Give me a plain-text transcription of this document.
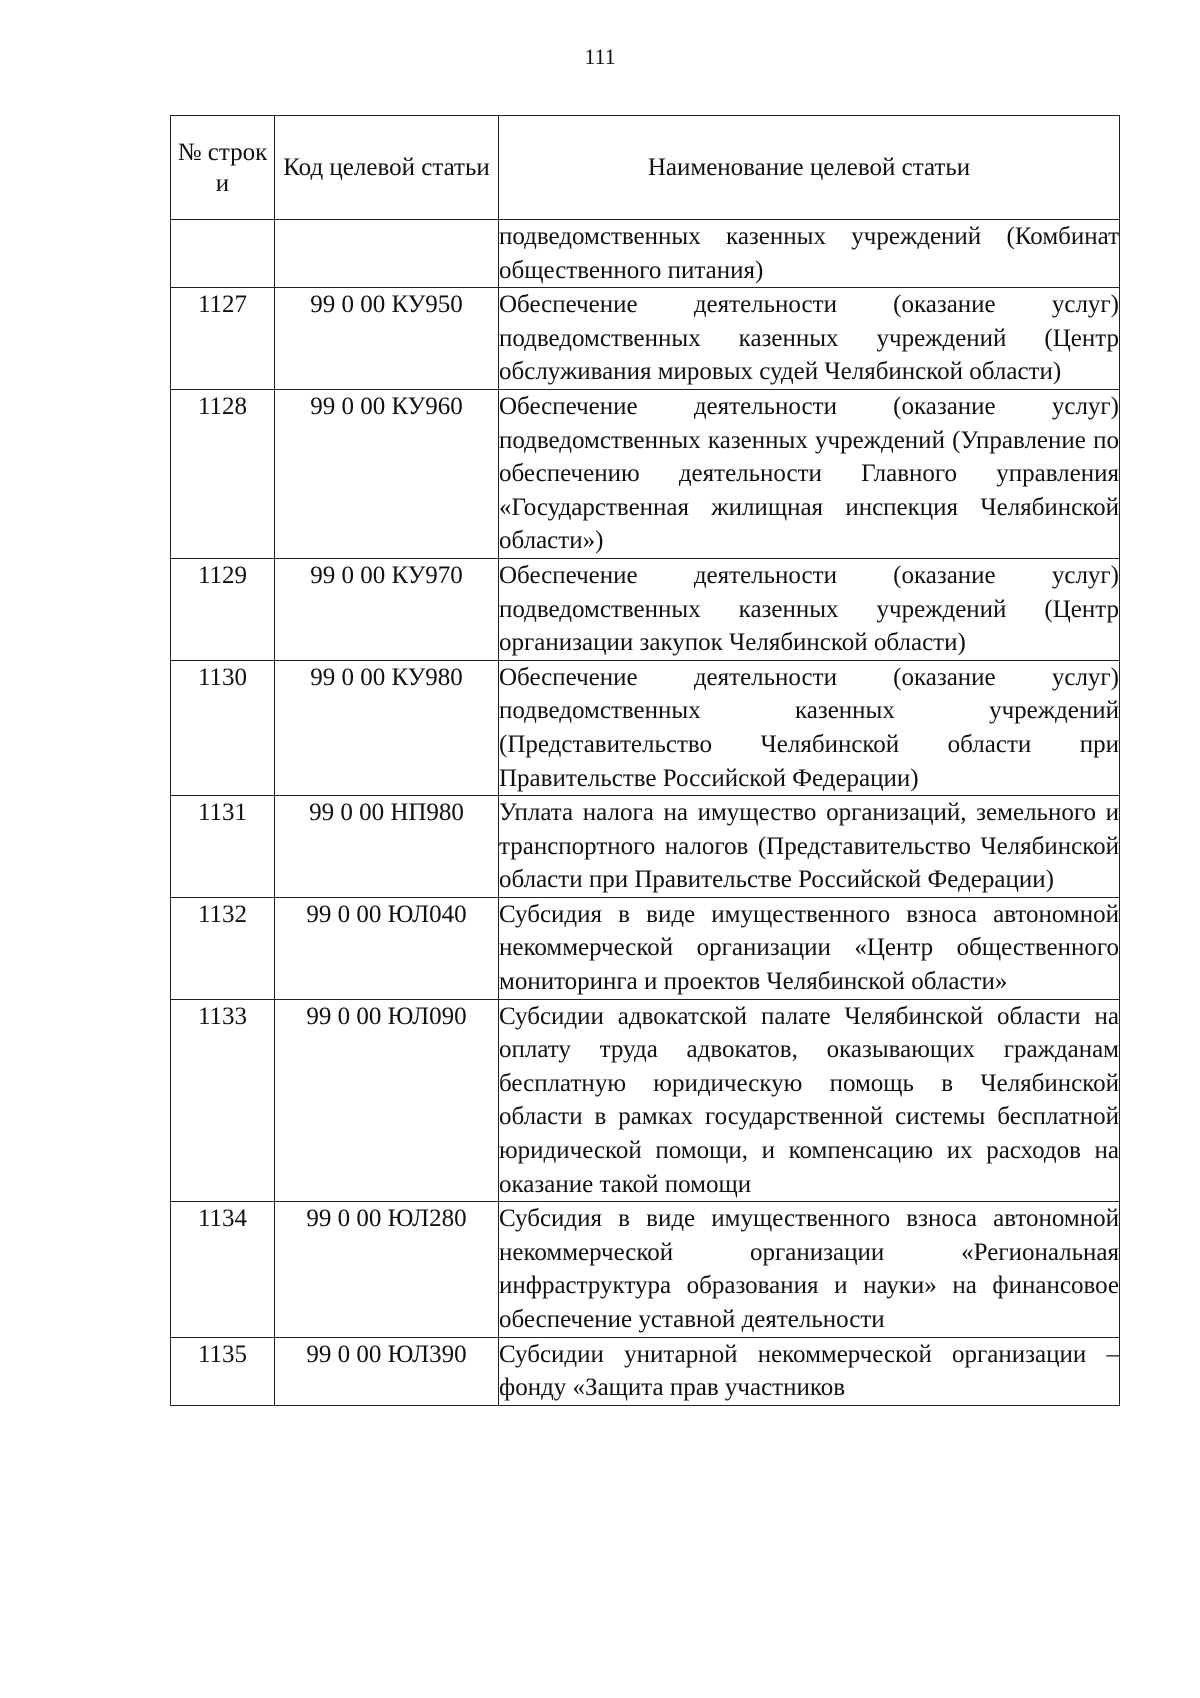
111
№ строк и	Код целевой статьи	Наименование целевой статьи

		подведомственных казенных учреждений (Комбинат общественного питания)

1127	99 0 00 КУ950	Обеспечение деятельности (оказание услуг) подведомственных казенных учреждений (Центр обслуживания мировых судей Челябинской области)

1128	99 0 00 КУ960	Обеспечение деятельности (оказание услуг) подведомственных казенных учреждений (Управление по обеспечению деятельности Главного управления «Государственная жилищная инспекция Челябинской области»)

1129	99 0 00 КУ970	Обеспечение деятельности (оказание услуг) подведомственных казенных учреждений (Центр организации закупок Челябинской области)

1130	99 0 00 КУ980	Обеспечение деятельности (оказание услуг) подведомственных казенных учреждений (Представительство Челябинской области при Правительстве Российской Федерации)

1131	99 0 00 НП980	Уплата налога на имущество организаций, земельного и транспортного налогов (Представительство Челябинской области при Правительстве Российской Федерации)

1132	99 0 00 ЮЛ040	Субсидия в виде имущественного взноса автономной некоммерческой организации «Центр общественного мониторинга и проектов Челябинской области»

1133	99 0 00 ЮЛ090	Субсидии адвокатской палате Челябинской области на оплату труда адвокатов, оказывающих гражданам бесплатную юридическую помощь в Челябинской области в рамках государственной системы бесплатной юридической помощи, и компенсацию их расходов на оказание такой помощи

1134	99 0 00 ЮЛ280	Субсидия в виде имущественного взноса автономной некоммерческой организации «Региональная инфраструктура образования и науки» на финансовое обеспечение уставной деятельности

1135	99 0 00 ЮЛ390	Субсидии унитарной некоммерческой организации – фонду «Защита прав участников
